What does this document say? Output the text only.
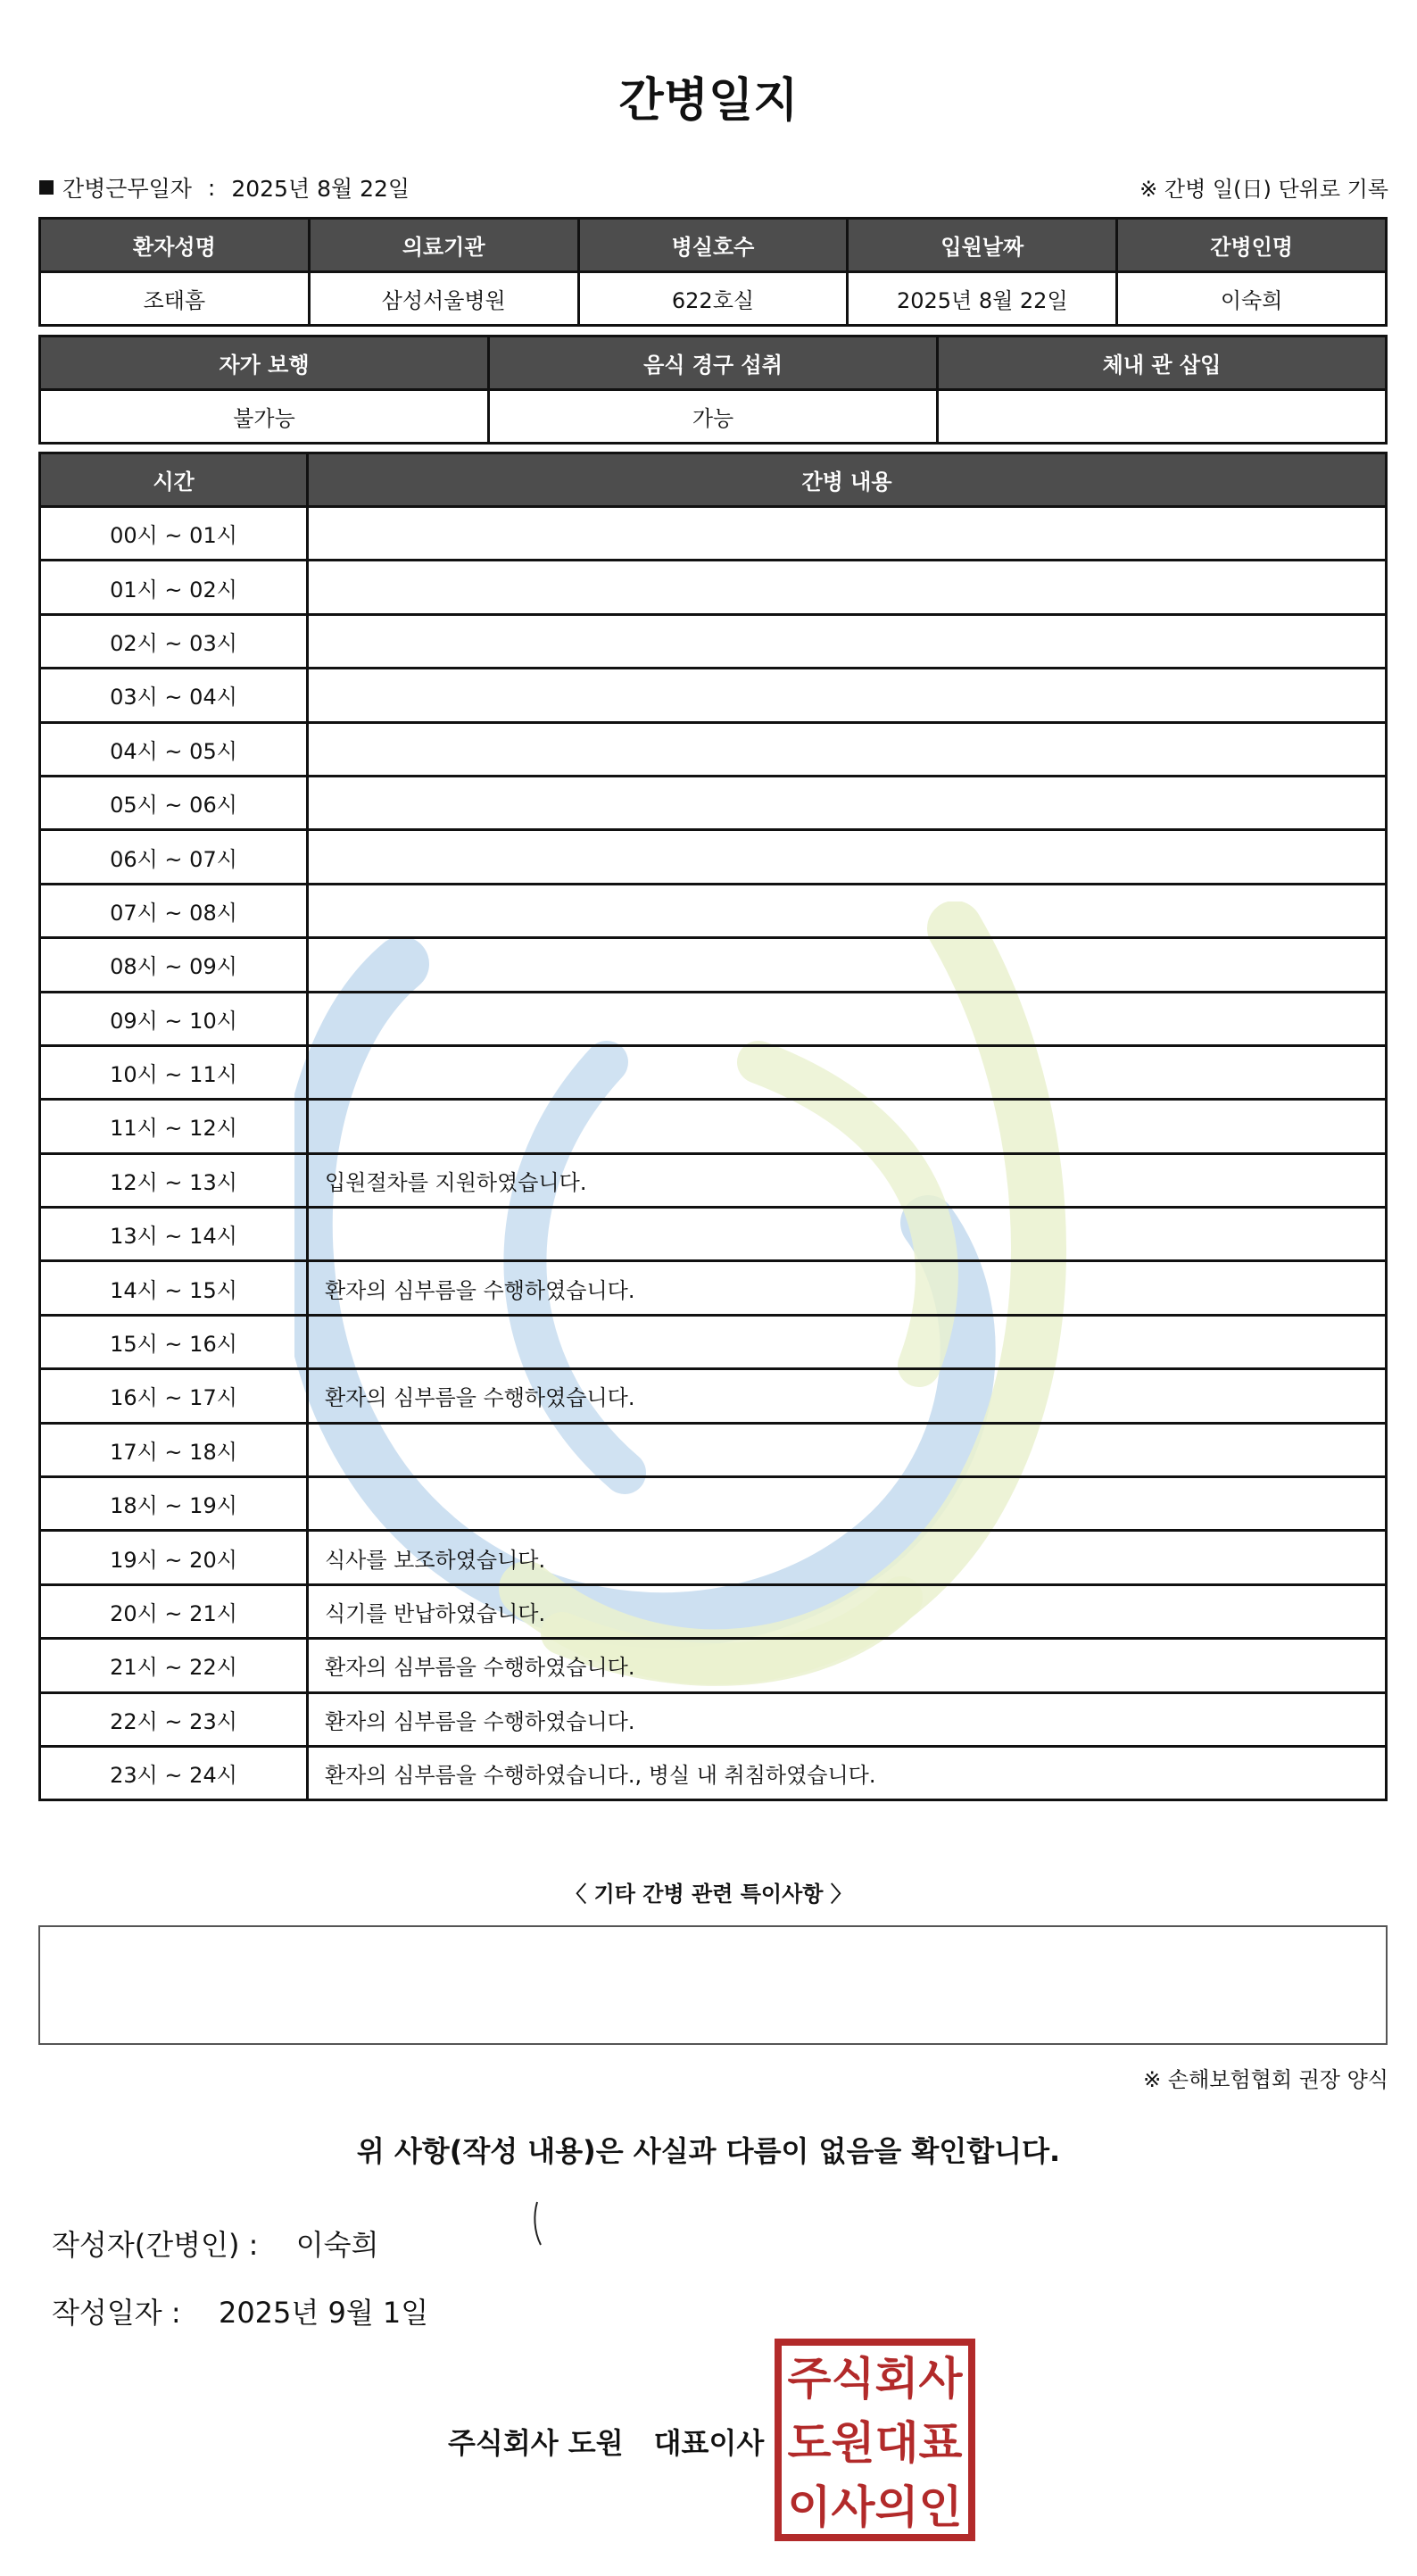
간병일지
간병근무일자 : 2025년 8월 22일	※ 간병 일(日) 단위로 기록
환자성명	의료기관	병실호수	입원날짜	간병인명
조태흠	삼성서울병원	622호실	2025년 8월 22일	이숙희
자가 보행	음식 경구 섭취	체내 관 삽입
불가능	가능	
시간	간병 내용
00시 ~ 01시	
01시 ~ 02시	
02시 ~ 03시	
03시 ~ 04시	
04시 ~ 05시	
05시 ~ 06시	
06시 ~ 07시	
07시 ~ 08시	
08시 ~ 09시	
09시 ~ 10시	
10시 ~ 11시	
11시 ~ 12시	
12시 ~ 13시	입원절차를 지원하였습니다.
13시 ~ 14시	
14시 ~ 15시	환자의 심부름을 수행하였습니다.
15시 ~ 16시	
16시 ~ 17시	환자의 심부름을 수행하였습니다.
17시 ~ 18시	
18시 ~ 19시	
19시 ~ 20시	식사를 보조하였습니다.
20시 ~ 21시	식기를 반납하였습니다.
21시 ~ 22시	환자의 심부름을 수행하였습니다.
22시 ~ 23시	환자의 심부름을 수행하였습니다.
23시 ~ 24시	환자의 심부름을 수행하였습니다., 병실 내 취침하였습니다.
〈 기타 간병 관련 특이사항 〉
※ 손해보험협회 권장 양식
위 사항(작성 내용)은 사실과 다름이 없음을 확인합니다.
작성자(간병인) : 이숙희
작성일자 : 2025년 9월 1일
주식회사 도원 대표이사
주식회사
도원대표
이사의인
